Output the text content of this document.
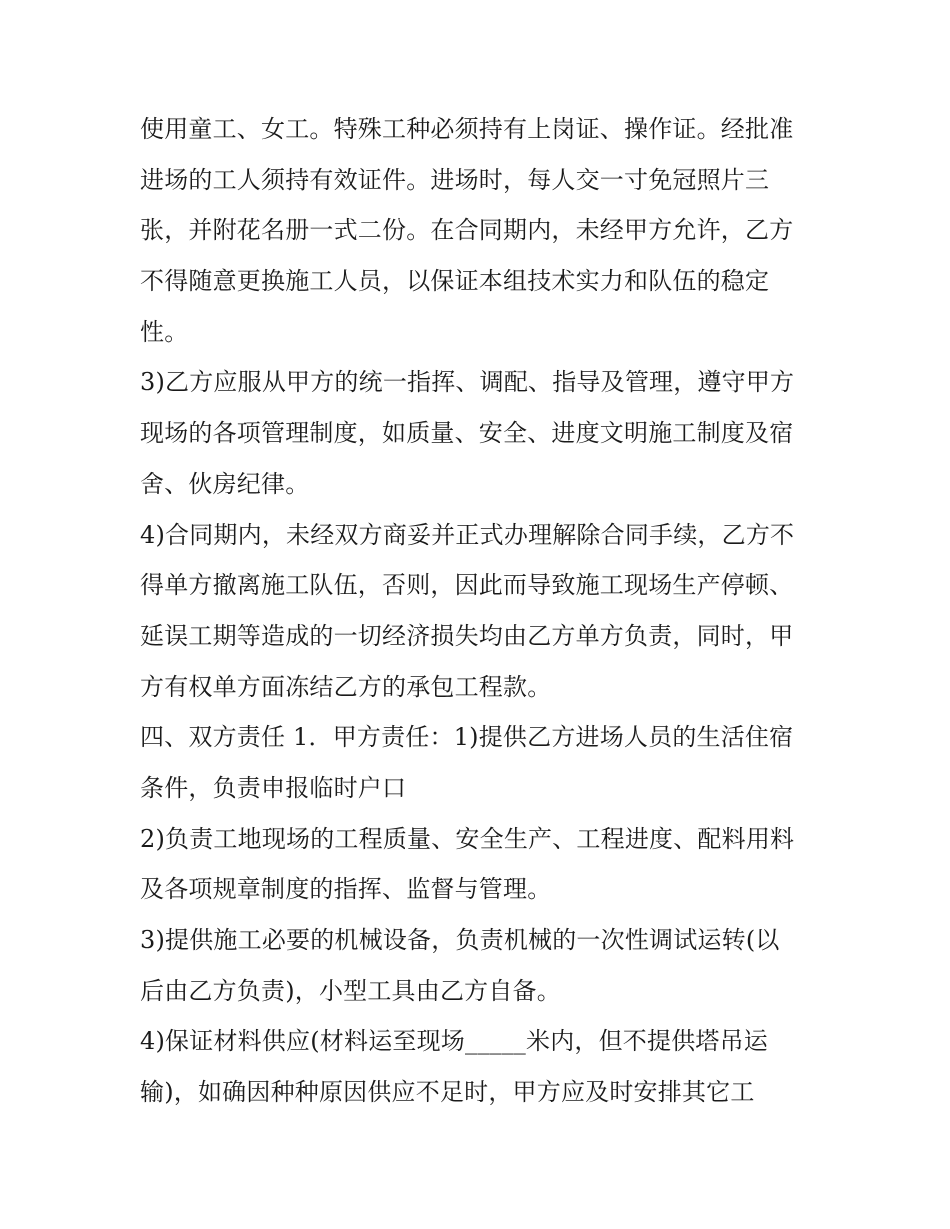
使用童工、女工。特殊工种必须持有上岗证、操作证。经批准
进场的工人须持有效证件。进场时，每人交一寸免冠照片三
张，并附花名册一式二份。在合同期内，未经甲方允许，乙方
不得随意更换施工人员，以保证本组技术实力和队伍的稳定
性。
3)乙方应服从甲方的统一指挥、调配、指导及管理，遵守甲方
现场的各项管理制度，如质量、安全、进度文明施工制度及宿
舍、伙房纪律。
4)合同期内，未经双方商妥并正式办理解除合同手续，乙方不
得单方撤离施工队伍，否则，因此而导致施工现场生产停顿、
延误工期等造成的一切经济损失均由乙方单方负责，同时，甲
方有权单方面冻结乙方的承包工程款。
四、双方责任 1．甲方责任：1)提供乙方进场人员的生活住宿
条件，负责申报临时户口
2)负责工地现场的工程质量、安全生产、工程进度、配料用料
及各项规章制度的指挥、监督与管理。
3)提供施工必要的机械设备，负责机械的一次性调试运转(以
后由乙方负责)，小型工具由乙方自备。
4)保证材料供应(材料运至现场_____米内，但不提供塔吊运
输)，如确因种种原因供应不足时，甲方应及时安排其它工
